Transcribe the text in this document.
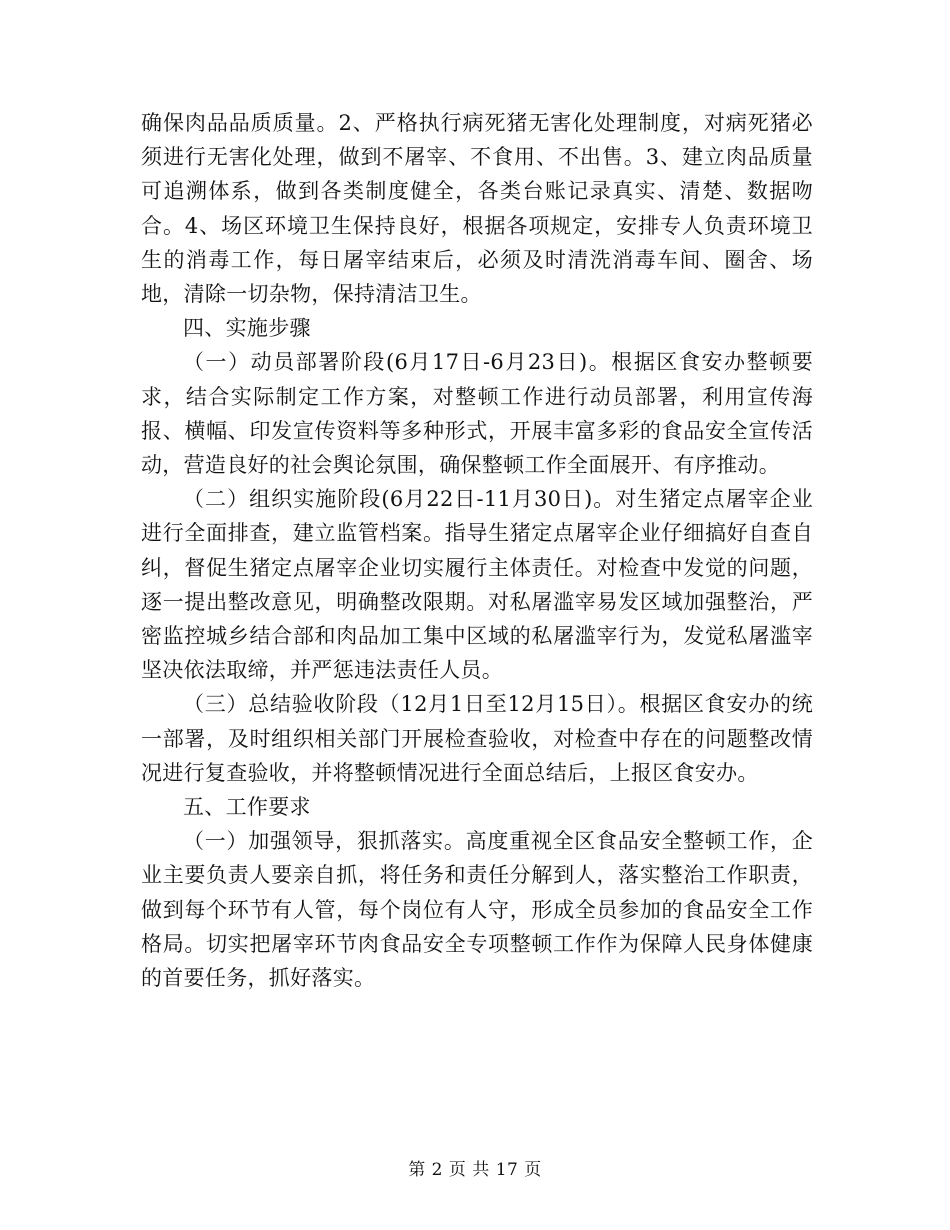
确保肉品品质质量。2、严格执行病死猪无害化处理制度，对病死猪必须进行无害化处理，做到不屠宰、不食用、不出售。3、建立肉品质量可追溯体系，做到各类制度健全，各类台账记录真实、清楚、数据吻合。4、场区环境卫生保持良好，根据各项规定，安排专人负责环境卫生的消毒工作，每日屠宰结束后，必须及时清洗消毒车间、圈舍、场地，清除一切杂物，保持清洁卫生。

四、实施步骤

（一）动员部署阶段(6月17日-6月23日)。根据区食安办整顿要求，结合实际制定工作方案，对整顿工作进行动员部署，利用宣传海报、横幅、印发宣传资料等多种形式，开展丰富多彩的食品安全宣传活动，营造良好的社会舆论氛围，确保整顿工作全面展开、有序推动。

（二）组织实施阶段(6月22日-11月30日)。对生猪定点屠宰企业进行全面排查，建立监管档案。指导生猪定点屠宰企业仔细搞好自查自纠，督促生猪定点屠宰企业切实履行主体责任。对检查中发觉的问题，逐一提出整改意见，明确整改限期。对私屠滥宰易发区域加强整治，严密监控城乡结合部和肉品加工集中区域的私屠滥宰行为，发觉私屠滥宰坚决依法取缔，并严惩违法责任人员。

（三）总结验收阶段（12月1日至12月15日）。根据区食安办的统一部署，及时组织相关部门开展检查验收，对检查中存在的问题整改情况进行复查验收，并将整顿情况进行全面总结后，上报区食安办。

五、工作要求

（一）加强领导，狠抓落实。高度重视全区食品安全整顿工作，企业主要负责人要亲自抓，将任务和责任分解到人，落实整治工作职责，做到每个环节有人管，每个岗位有人守，形成全员参加的食品安全工作格局。切实把屠宰环节肉食品安全专项整顿工作作为保障人民身体健康的首要任务，抓好落实。

第 2 页 共 17 页
